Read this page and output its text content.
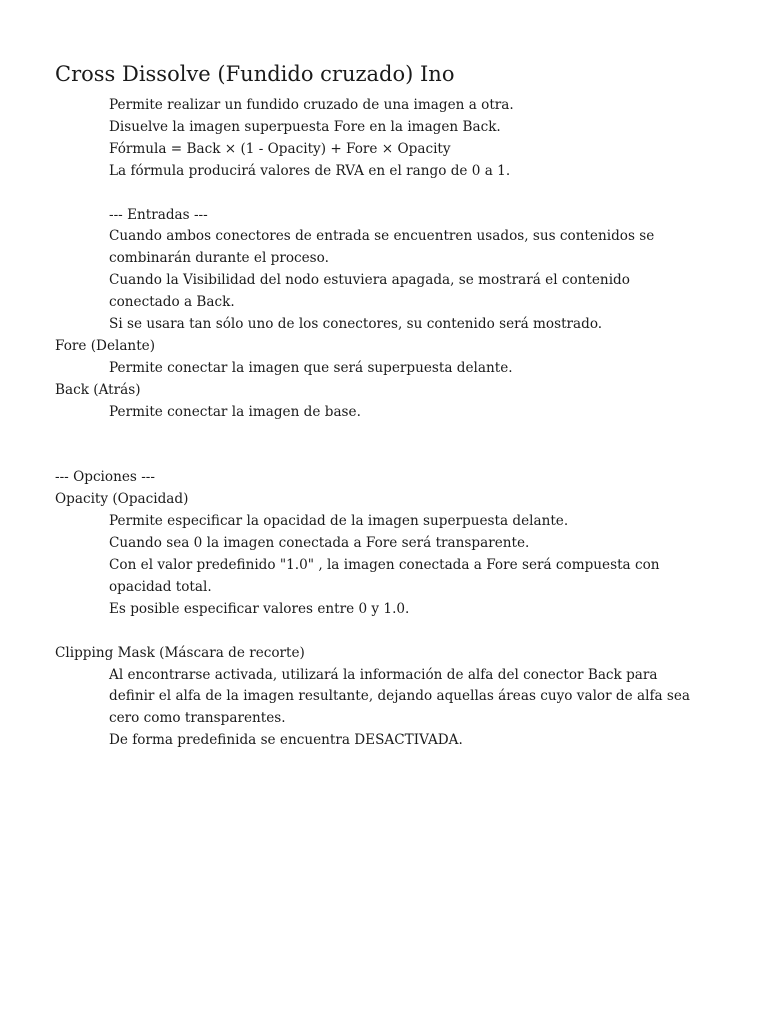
Cross Dissolve (Fundido cruzado) Ino
Permite realizar un fundido cruzado de una imagen a otra.
Disuelve la imagen superpuesta Fore en la imagen Back.
Fórmula = Back × (1 - Opacity) + Fore × Opacity
La fórmula producirá valores de RVA en el rango de 0 a 1.
--- Entradas ---
Cuando ambos conectores de entrada se encuentren usados, sus contenidos se
combinarán durante el proceso.
Cuando la Visibilidad del nodo estuviera apagada, se mostrará el contenido
conectado a Back.
Si se usara tan sólo uno de los conectores, su contenido será mostrado.
Fore (Delante)
Permite conectar la imagen que será superpuesta delante.
Back (Atrás)
Permite conectar la imagen de base.
--- Opciones ---
Opacity (Opacidad)
Permite especificar la opacidad de la imagen superpuesta delante.
Cuando sea 0 la imagen conectada a Fore será transparente.
Con el valor predefinido "1.0" , la imagen conectada a Fore será compuesta con
opacidad total.
Es posible especificar valores entre 0 y 1.0.
Clipping Mask (Máscara de recorte)
Al encontrarse activada, utilizará la información de alfa del conector Back para
definir el alfa de la imagen resultante, dejando aquellas áreas cuyo valor de alfa sea
cero como transparentes.
De forma predefinida se encuentra DESACTIVADA.
